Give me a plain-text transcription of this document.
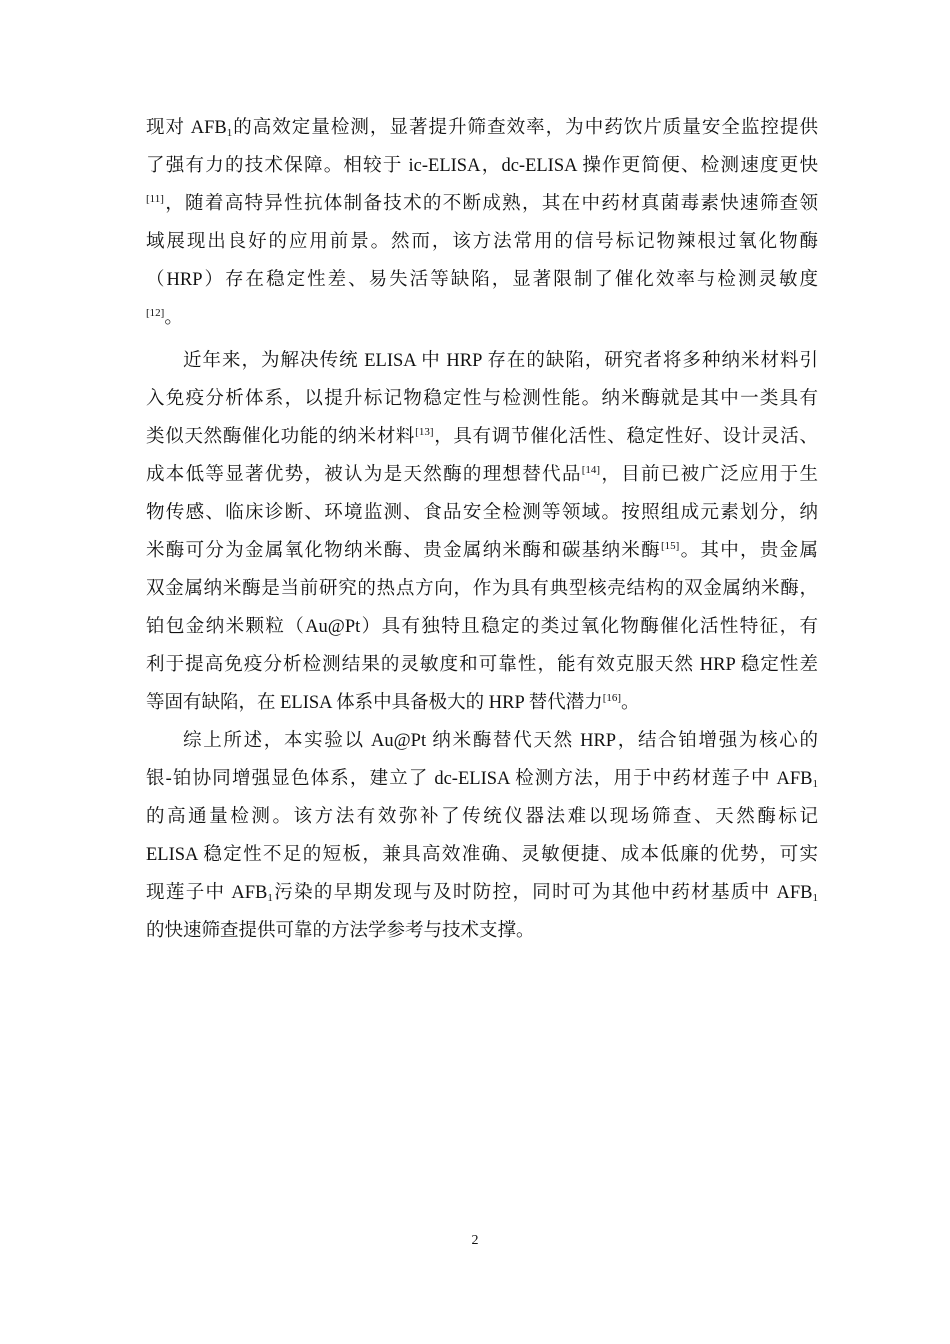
现对 $AFB_1$的高效定量检测，显著提升筛查效率，为中药饮片质量安全监控提供

了强有力的技术保障。相较于 ic-ELISA，dc-ELISA 操作更简便、检测速度更快

[11]，随着高特异性抗体制备技术的不断成熟，其在中药材真菌毒素快速筛查领

域展现出良好的应用前景。然而，该方法常用的信号标记物辣根过氧化物酶

（HRP）存在稳定性差、易失活等缺陷，显著限制了催化效率与检测灵敏度

[12]。

近年来，为解决传统 ELISA 中 HRP 存在的缺陷，研究者将多种纳米材料引

入免疫分析体系，以提升标记物稳定性与检测性能。纳米酶就是其中一类具有

类似天然酶催化功能的纳米材料[13]，具有调节催化活性、稳定性好、设计灵活、

成本低等显著优势，被认为是天然酶的理想替代品[14]，目前已被广泛应用于生

物传感、临床诊断、环境监测、食品安全检测等领域。按照组成元素划分，纳

米酶可分为金属氧化物纳米酶、贵金属纳米酶和碳基纳米酶[15]。其中，贵金属

双金属纳米酶是当前研究的热点方向，作为具有典型核壳结构的双金属纳米酶，

铂包金纳米颗粒（Au@Pt）具有独特且稳定的类过氧化物酶催化活性特征，有

利于提高免疫分析检测结果的灵敏度和可靠性，能有效克服天然 HRP 稳定性差

等固有缺陷，在 ELISA 体系中具备极大的 HRP 替代潜力[16]。

综上所述，本实验以 Au@Pt 纳米酶替代天然 HRP，结合铂增强为核心的

银-铂协同增强显色体系，建立了 dc-ELISA 检测方法，用于中药材莲子中 $AFB_1$

的高通量检测。该方法有效弥补了传统仪器法难以现场筛查、天然酶标记

ELISA 稳定性不足的短板，兼具高效准确、灵敏便捷、成本低廉的优势，可实

现莲子中 $AFB_1$污染的早期发现与及时防控，同时可为其他中药材基质中 $AFB_1$

的快速筛查提供可靠的方法学参考与技术支撑。

2
